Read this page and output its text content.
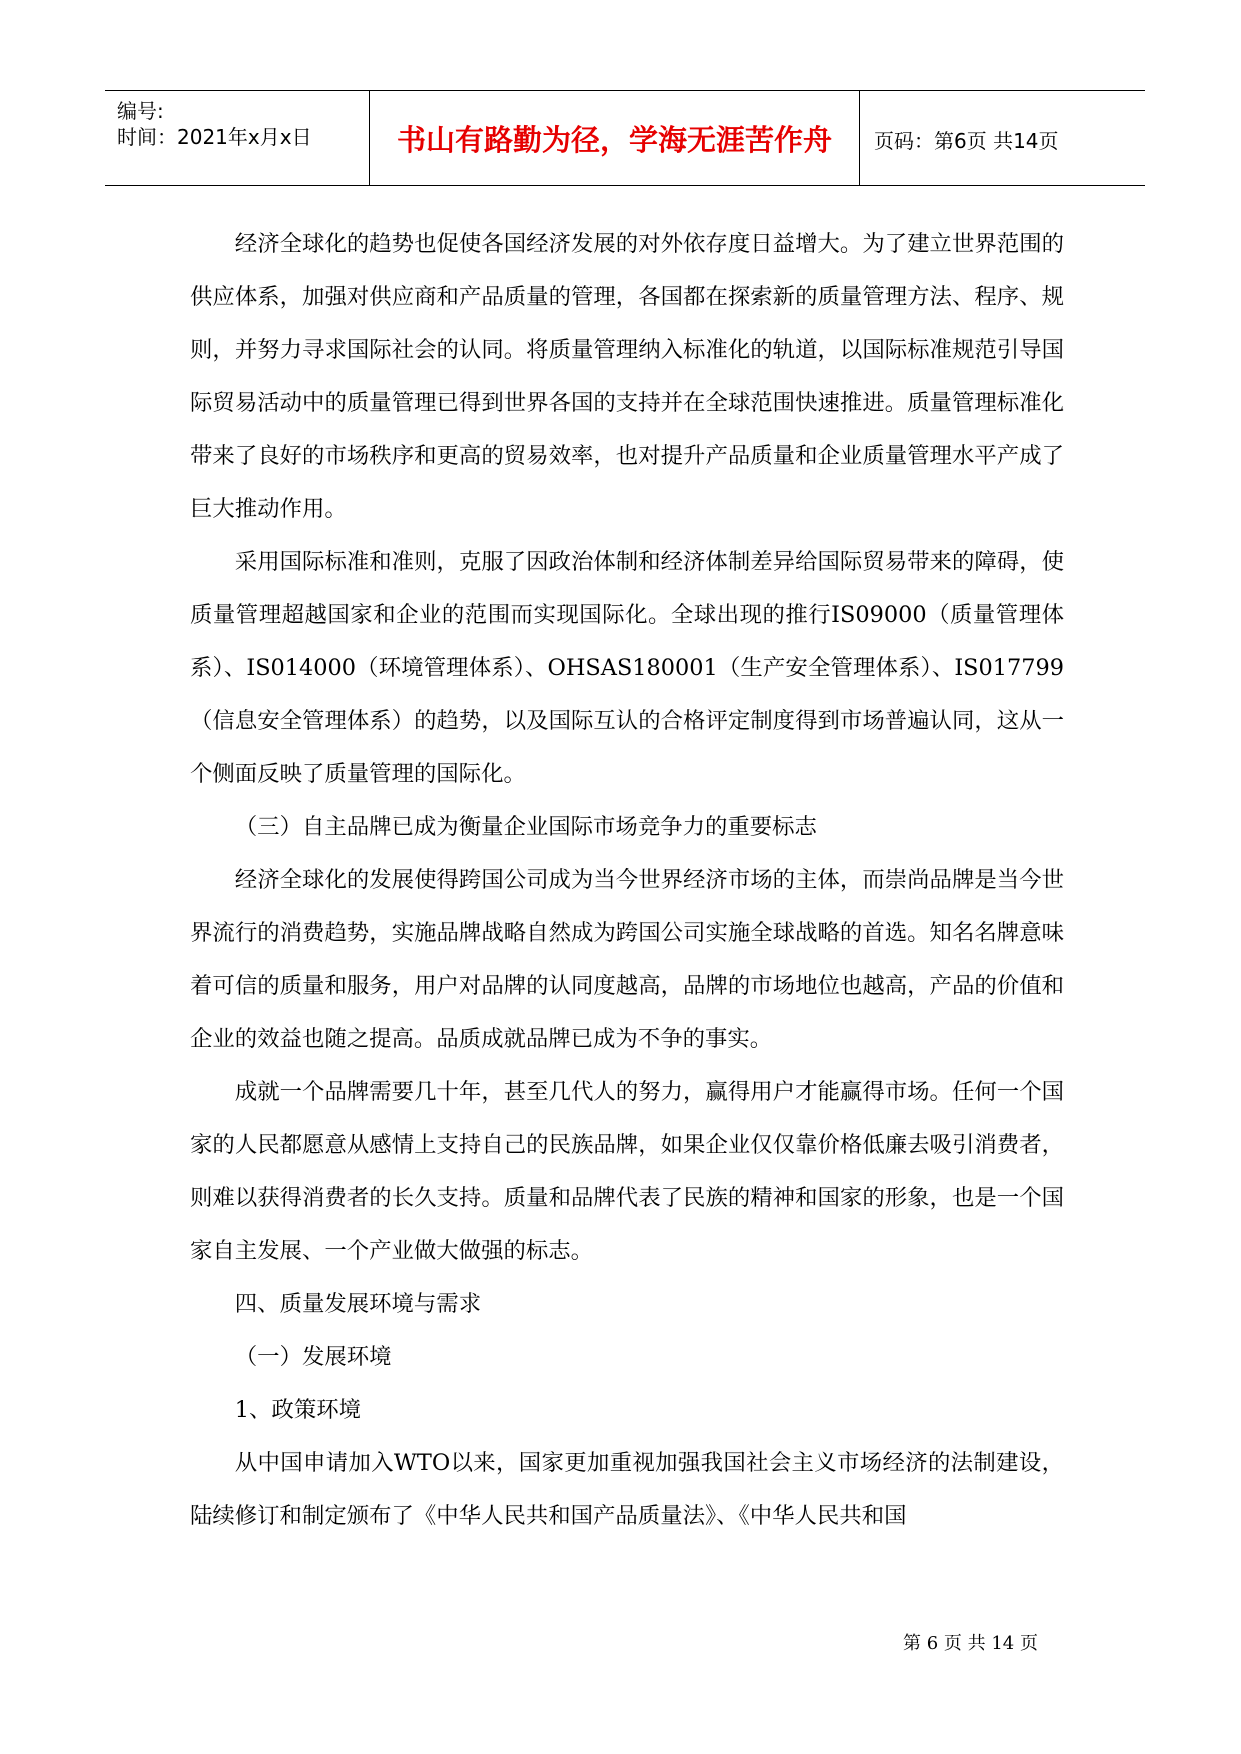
编号:
时间：2021年x月x日	书山有路勤为径，学海无涯苦作舟 页码：第6页 共14页

经济全球化的趋势也促使各国经济发展的对外依存度日益增大。为了建立世界范围的供应体系，加强对供应商和产品质量的管理，各国都在探索新的质量管理方法、程序、规则，并努力寻求国际社会的认同。将质量管理纳入标准化的轨道，以国际标准规范引导国际贸易活动中的质量管理已得到世界各国的支持并在全球范围快速推进。质量管理标准化带来了良好的市场秩序和更高的贸易效率，也对提升产品质量和企业质量管理水平产成了巨大推动作用。

采用国际标准和准则，克服了因政治体制和经济体制差异给国际贸易带来的障碍，使质量管理超越国家和企业的范围而实现国际化。全球出现的推行IS09000（质量管理体系）、IS014000（环境管理体系）、OHSAS180001（生产安全管理体系）、IS017799（信息安全管理体系）的趋势，以及国际互认的合格评定制度得到市场普遍认同，这从一个侧面反映了质量管理的国际化。

（三）自主品牌已成为衡量企业国际市场竞争力的重要标志

经济全球化的发展使得跨国公司成为当今世界经济市场的主体，而崇尚品牌是当今世界流行的消费趋势，实施品牌战略自然成为跨国公司实施全球战略的首选。知名名牌意味着可信的质量和服务，用户对品牌的认同度越高，品牌的市场地位也越高，产品的价值和企业的效益也随之提高。品质成就品牌已成为不争的事实。

成就一个品牌需要几十年，甚至几代人的努力，赢得用户才能赢得市场。任何一个国家的人民都愿意从感情上支持自己的民族品牌，如果企业仅仅靠价格低廉去吸引消费者，则难以获得消费者的长久支持。质量和品牌代表了民族的精神和国家的形象，也是一个国家自主发展、一个产业做大做强的标志。

四、质量发展环境与需求

（一）发展环境

1、政策环境

从中国申请加入WTO以来，国家更加重视加强我国社会主义市场经济的法制建设，陆续修订和制定颁布了《中华人民共和国产品质量法》、《中华人民共和国

第 6 页 共 14 页
